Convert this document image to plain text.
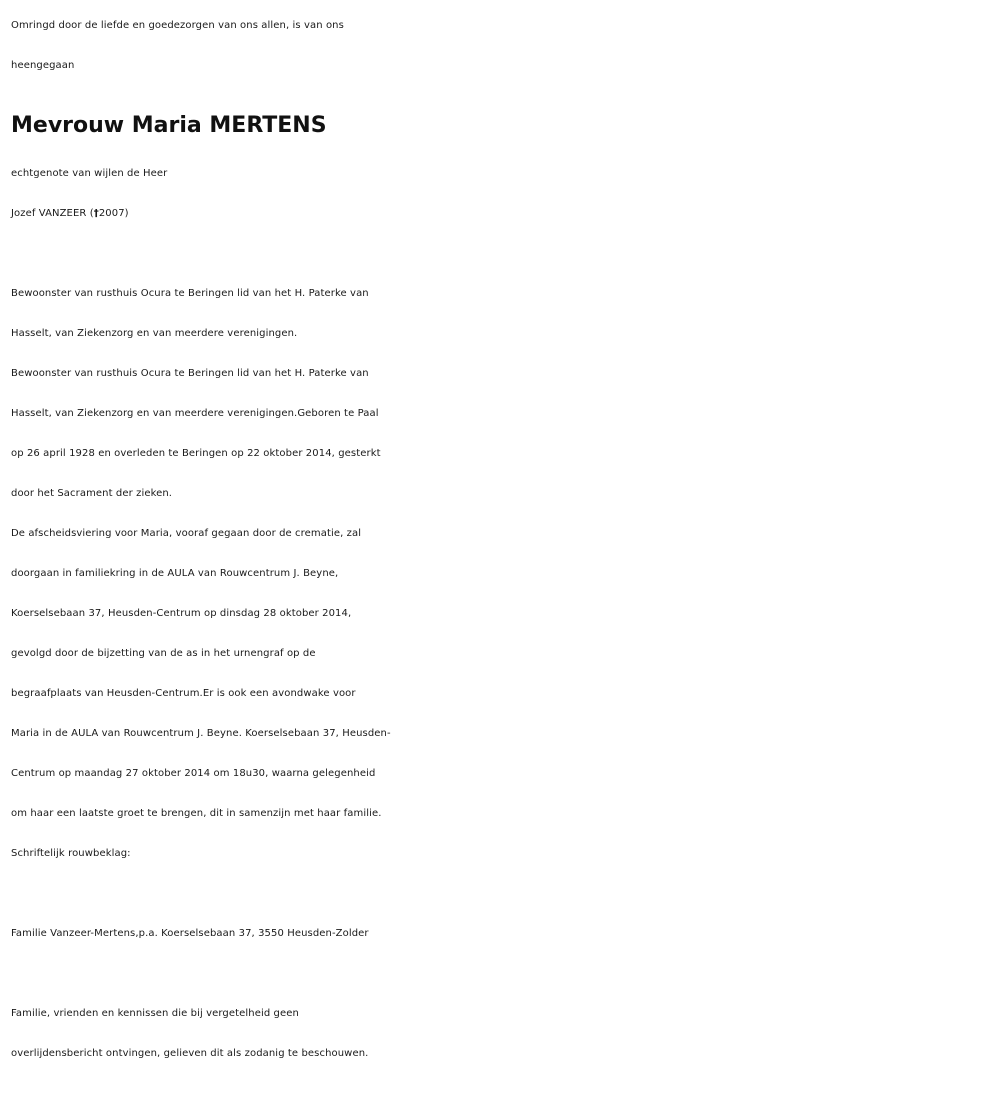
Omringd door de liefde en goedezorgen van ons allen, is van ons
heengegaan
Mevrouw Maria MERTENS
echtgenote van wijlen de Heer
Jozef VANZEER (†2007)
Bewoonster van rusthuis Ocura te Beringen lid van het H. Paterke van
Hasselt, van Ziekenzorg en van meerdere verenigingen.
Bewoonster van rusthuis Ocura te Beringen lid van het H. Paterke van
Hasselt, van Ziekenzorg en van meerdere verenigingen.Geboren te Paal
op 26 april 1928 en overleden te Beringen op 22 oktober 2014, gesterkt
door het Sacrament der zieken.
De afscheidsviering voor Maria, vooraf gegaan door de crematie, zal
doorgaan in familiekring in de AULA van Rouwcentrum J. Beyne,
Koerselsebaan 37, Heusden-Centrum op dinsdag 28 oktober 2014,
gevolgd door de bijzetting van de as in het urnengraf op de
begraafplaats van Heusden-Centrum.Er is ook een avondwake voor
Maria in de AULA van Rouwcentrum J. Beyne. Koerselsebaan 37, Heusden-
Centrum op maandag 27 oktober 2014 om 18u30, waarna gelegenheid
om haar een laatste groet te brengen, dit in samenzijn met haar familie.
Schriftelijk rouwbeklag:
Familie Vanzeer-Mertens,p.a. Koerselsebaan 37, 3550 Heusden-Zolder
Familie, vrienden en kennissen die bij vergetelheid geen
overlijdensbericht ontvingen, gelieven dit als zodanig te beschouwen.
